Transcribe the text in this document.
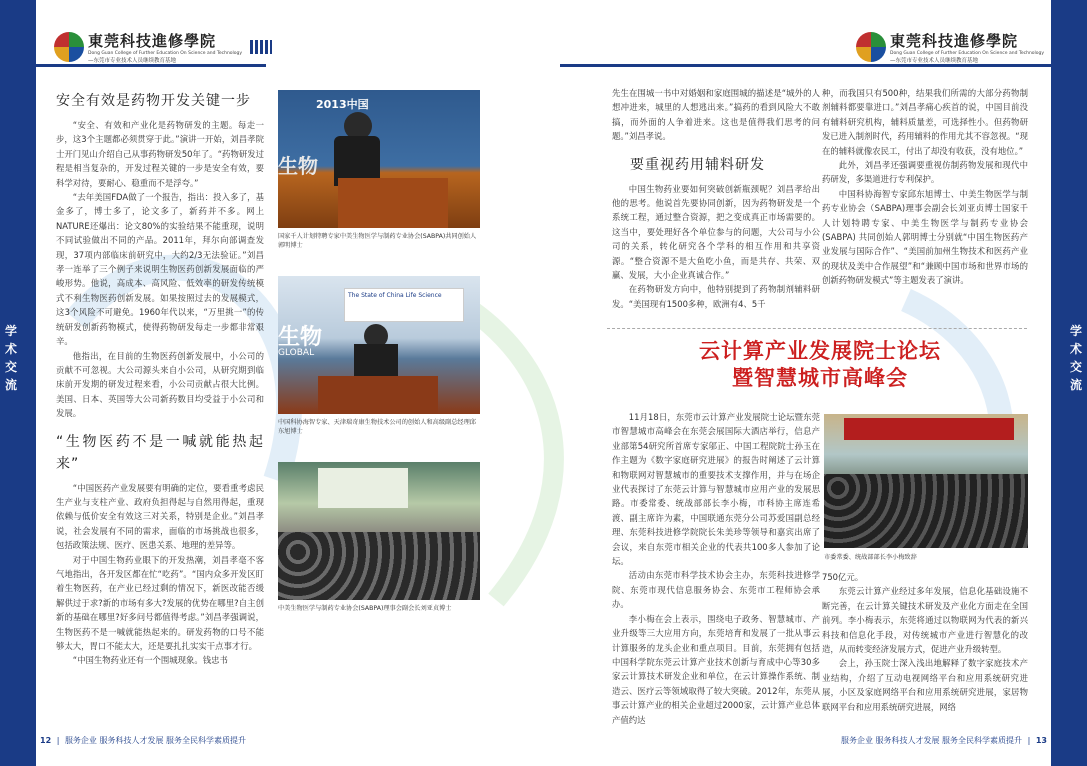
学
术
交
流
学
术
交
流
東莞科技進修學院
Dong Guan College of Further Education On Science and Technology
—东莞市专业技术人员继续教育基地
東莞科技進修學院
Dong Guan College of Further Education On Science and Technology
—东莞市专业技术人员继续教育基地
安全有效是药物开发关键一步

“安全、有效和产业化是药物研发的主题。每走一步，这3个主题都必须贯穿于此。”演讲一开始，刘昌孝院士开门见山介绍自己从事药物研发50年了。“药物研发过程是相当复杂的，开发过程关键的一步是安全有效，要科学对待，要耐心、稳重而不是浮夸。”

“去年美国FDA做了一个报告，指出：投入多了，基金多了，博士多了，论文多了，新药并不多。网上NATURE还爆出：论文80%的实验结果不能重现，说明不同试验做出不同的产品。2011年，拜尔向部调查发现，37项内部临床前研究中，大约2/3无法验证。”刘昌孝一连举了三个例子来说明生物医药创新发展面临的严峻形势。他说，高成本、高风险、低效率的研发传统模式不利生物医药创新发展。如果按照过去的发展模式，这3个风险不可避免。1960年代以来，“万里挑一”的传统研发创新药物模式，使得药物研发每走一步都非常艰辛。

他指出，在目前的生物医药创新发展中，小公司的贡献不可忽视。大公司源头来自小公司，从研究期到临床前开发期的研发过程来看，小公司贡献占很大比例。美国、日本、英国等大公司新药数目均受益于小公司和发展。

“生物医药不是一喊就能热起来”

“中国医药产业发展要有明确的定位，要看重考虑民生产业与支柱产业、政府负担得起与自然用得起，重现依赖与低价安全有效这三对关系，特别是企业。”刘昌孝说，社会发展有不同的需求，面临的市场挑战也很多，包括政策法规、医疗、医患关系、地理的差异等。

对于中国生物药业眼下的开发热潮，刘昌孝毫不客气地指出，各开发区都在忙“吃药”。“国内众多开发区盯着生物医药，在产业已经过剩的情况下，新医改能否缓解供过于求?新的市场有多大?发展的优势在哪里?自主创新的基础在哪里?好多问号都值得考虑。”刘昌孝强调说，生物医药不是一喊就能热起来的。研发药物的口号不能够太大，胃口不能太大，还是要扎扎实实干点事才行。

“中国生物药业还有一个围城现象。钱忠书

2013中国
生物
国家千人计划特聘专家中美生物医学与制药专业协会(SABPA)共同创始人郭明博士
The State of China Life Science
生物
GLOBAL
中国科协海智专家、天津瑞奇康生物技术公司的创始人和高级副总经理邱东旭博士
中美生物医学与制药专业协会(SABPA)理事会副会长刘亚贞博士
12 | 服务企业 服务科技人才发展 服务全民科学素质提升

先生在围城一书中对婚姻和家庭围城的描述是“城外的人想冲进来，城里的人想逃出来。”搞药的看到风险大不敢搞，而外面的人争着进来。这也是值得我们思考的问题。”刘昌孝说。

要重视药用辅料研发

中国生物药业要如何突破创新瓶颈呢？刘昌孝给出他的思考。他说首先要协同创新，因为药物研发是一个系统工程，通过整合资源，把之变成真正市场需要的。这当中，要处理好各个单位参与的问题，大公司与小公司的关系，转化研究各个学科的相互作用和共享资源。“整合资源不是大鱼吃小鱼，而是共存、共荣、双赢、发展，大小企业真诚合作。”

在药物研发方向中，他特别提到了药物制剂辅料研发。“美国现有1500多种，欧洲有4、5千

种，而我国只有500种，结果我们所需的大部分药物制剂辅料都要靠进口。”刘昌孝痛心疾首的说，中国目前没有辅料研究机构，辅料质量差，可选择性小。但药物研发已进入制剂时代，药用辅料的作用尤其不容忽视。“现在的辅料就像农民工，付出了却没有收获，没有地位。”

此外，刘昌孝还强调要重视仿制药物发展和现代中药研发，多渠道进行专利保护。

中国科协海智专家邱东旭博士、中美生物医学与制药专业协会（SABPA)理事会副会长刘亚贞博士国家千人计划特聘专家、中美生物医学与制药专业协会(SABPA) 共同创始人郭明博士分别就“中国生物医药产业发展与国际合作”、“美国前加州生物技术和医药产业的现状及美中合作展望”和“兼顾中国市场和世界市场的创新药物研发模式”等主题发表了演讲。

云计算产业发展院士论坛
暨智慧城市高峰会

11月18日，东莞市云计算产业发展院士论坛暨东莞市智慧城市高峰会在东莞会展国际大酒店举行，信息产业部第54研究所首席专家邬正、中国工程院院士孙玉在作主题为《数字家庭研究进展》的报告时阐述了云计算和物联网对智慧城市的重要技术支撑作用，并与在场企业代表探讨了东莞云计算与智慧城市应用产业的发展思路。市委常委、统战部部长李小梅，市科协主席连希渡、副主席许为素，中国联通东莞分公司苏爱国副总经理、东莞科技进修学院院长朱美珍等领导和嘉宾出席了会议，来自东莞市相关企业的代表共100多人参加了论坛。

活动由东莞市科学技术协会主办，东莞科技进修学院、东莞市现代信息服务协会、东莞市工程师协会承办。

李小梅在会上表示，围绕电子政务、智慧城市、产业升级等三大应用方向，东莞培育和发展了一批从事云计算服务的龙头企业和重点项目。目前，东莞拥有包括中国科学院东莞云计算产业技术创新与育成中心等30多家云计算技术研发企业和单位，在云计算操作系统、制造云、医疗云等领域取得了较大突破。2012年，东莞从事云计算产业的相关企业超过2000家，云计算产业总体产值约达

市委常委、统战部部长李小梅致辞

750亿元。

东莞云计算产业经过多年发展，信息化基础设施不断完善，在云计算关键技术研发及产业化方面走在全国前列。李小梅表示，东莞将通过以物联网为代表的新兴科技和信息化手段，对传统城市产业进行智慧化的改造，从而转变经济发展方式，促进产业升级转型。

会上，孙玉院士深入浅出地解释了数字家庭技术产业结构，介绍了互动电视网络平台和应用系统研究进展，小区及家庭网络平台和应用系统研究进展，家居物联网平台和应用系统研究进展，网络

服务企业 服务科技人才发展 服务全民科学素质提升 | 13
